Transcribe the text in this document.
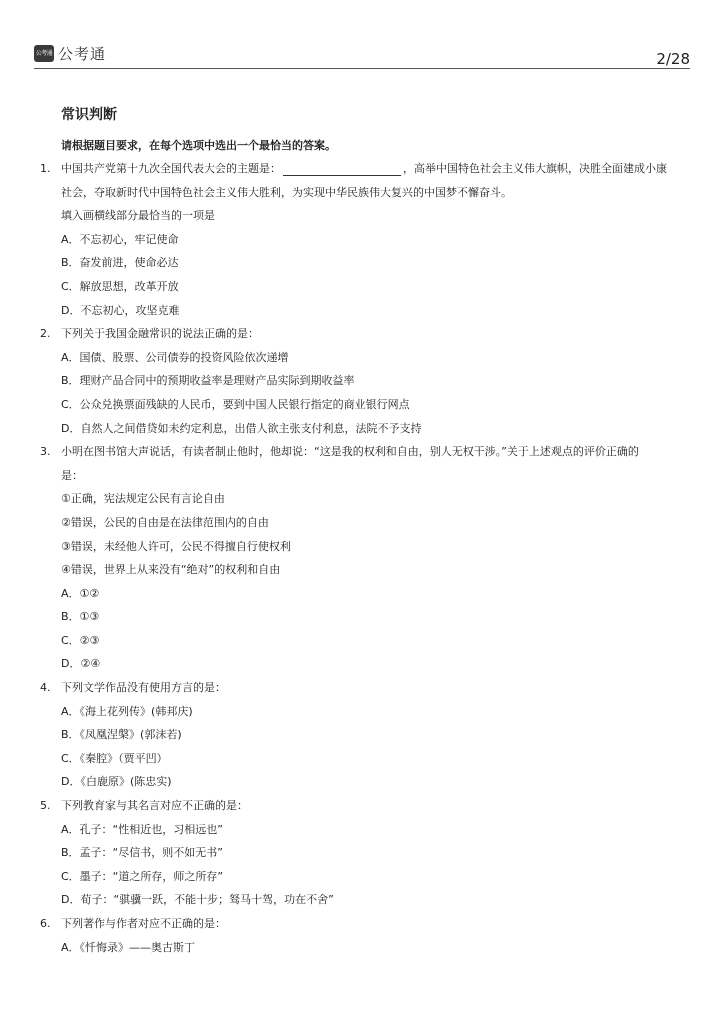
公考通 公考通	2/28
常识判断
请根据题目要求，在每个选项中选出一个最恰当的答案。
1. 中国共产党第十九次全国代表大会的主题是：	，高举中国特色社会主义伟大旗帜，决胜全面建成小康
社会，夺取新时代中国特色社会主义伟大胜利，为实现中华民族伟大复兴的中国梦不懈奋斗。
填入画横线部分最恰当的一项是
A．不忘初心，牢记使命
B．奋发前进，使命必达
C．解放思想，改革开放
D．不忘初心，攻坚克难
2. 下列关于我国金融常识的说法正确的是：
A．国债、股票、公司债券的投资风险依次递增
B．理财产品合同中的预期收益率是理财产品实际到期收益率
C．公众兑换票面残缺的人民币，要到中国人民银行指定的商业银行网点
D．自然人之间借贷如未约定利息，出借人欲主张支付利息，法院不予支持
3. 小明在图书馆大声说话，有读者制止他时，他却说：“这是我的权利和自由，别人无权干涉。”关于上述观点的评价正确的
是：
①正确，宪法规定公民有言论自由
②错误，公民的自由是在法律范围内的自由
③错误，未经他人许可，公民不得擅自行使权利
④错误，世界上从来没有“绝对”的权利和自由
A．①②
B．①③
C．②③
D．②④
4. 下列文学作品没有使用方言的是：
A．《海上花列传》(韩邦庆)
B．《凤凰涅槃》(郭沫若)
C．《秦腔》（贾平凹）
D．《白鹿原》(陈忠实)
5. 下列教育家与其名言对应不正确的是：
A．孔子：“性相近也，习相远也”
B．孟子：“尽信书，则不如无书”
C．墨子：“道之所存，师之所存”
D．荀子：“骐骥一跃，不能十步；驽马十驾，功在不舍”
6. 下列著作与作者对应不正确的是：
A．《忏悔录》——奥古斯丁
